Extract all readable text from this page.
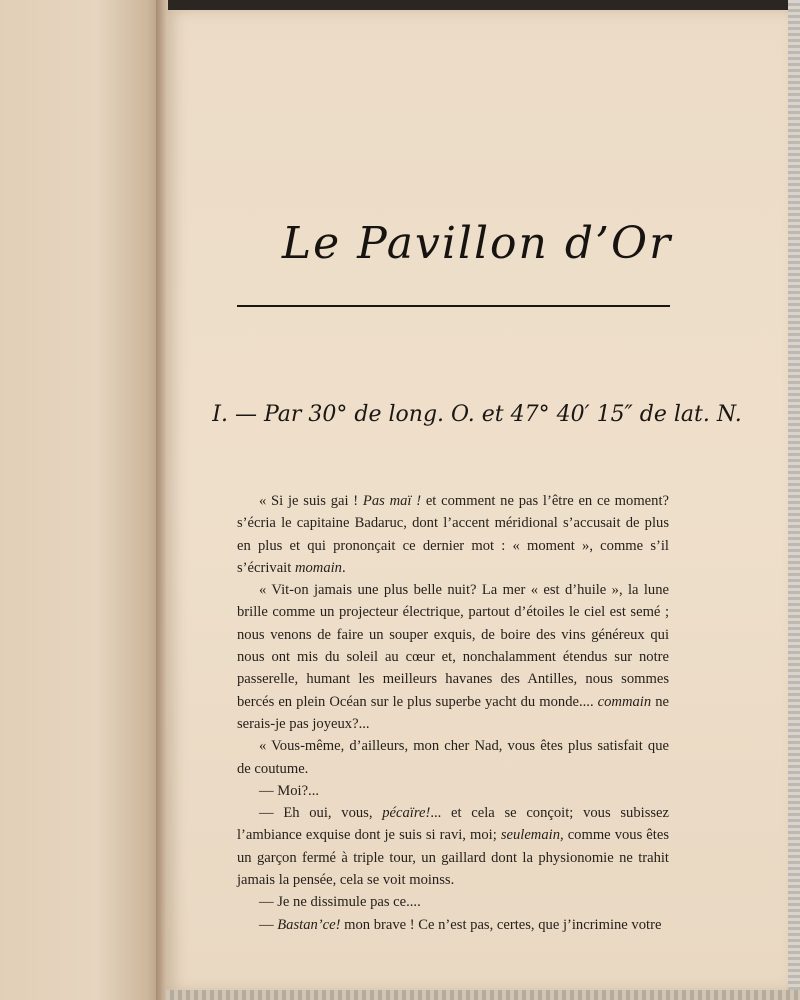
Le Pavillon d’Or
I. — Par 30° de long. O. et 47° 40′ 15″ de lat. N.

« Si je suis gai ! Pas maï ! et comment ne pas l’être en ce moment? s’écria le capitaine Badaruc, dont l’accent méridional s’accusait de plus en plus et qui prononçait ce dernier mot : « moment », comme s’il s’écrivait momain.

« Vit-on jamais une plus belle nuit? La mer « est d’huile », la lune brille comme un projecteur électrique, partout d’étoiles le ciel est semé ; nous venons de faire un souper exquis, de boire des vins généreux qui nous ont mis du soleil au cœur et, nonchalamment étendus sur notre passerelle, humant les meilleurs havanes des Antilles, nous sommes bercés en plein Océan sur le plus superbe yacht du monde.... commain ne serais-je pas joyeux?...

« Vous-même, d’ailleurs, mon cher Nad, vous êtes plus satisfait que de coutume.

— Moi?...

— Eh oui, vous, pécaïre!... et cela se conçoit; vous subissez l’ambiance exquise dont je suis si ravi, moi; seulemain, comme vous êtes un garçon fermé à triple tour, un gaillard dont la physionomie ne trahit jamais la pensée, cela se voit moinss.

— Je ne dissimule pas ce....

— Bastan’ce! mon brave ! Ce n’est pas, certes, que j’incrimine votre
